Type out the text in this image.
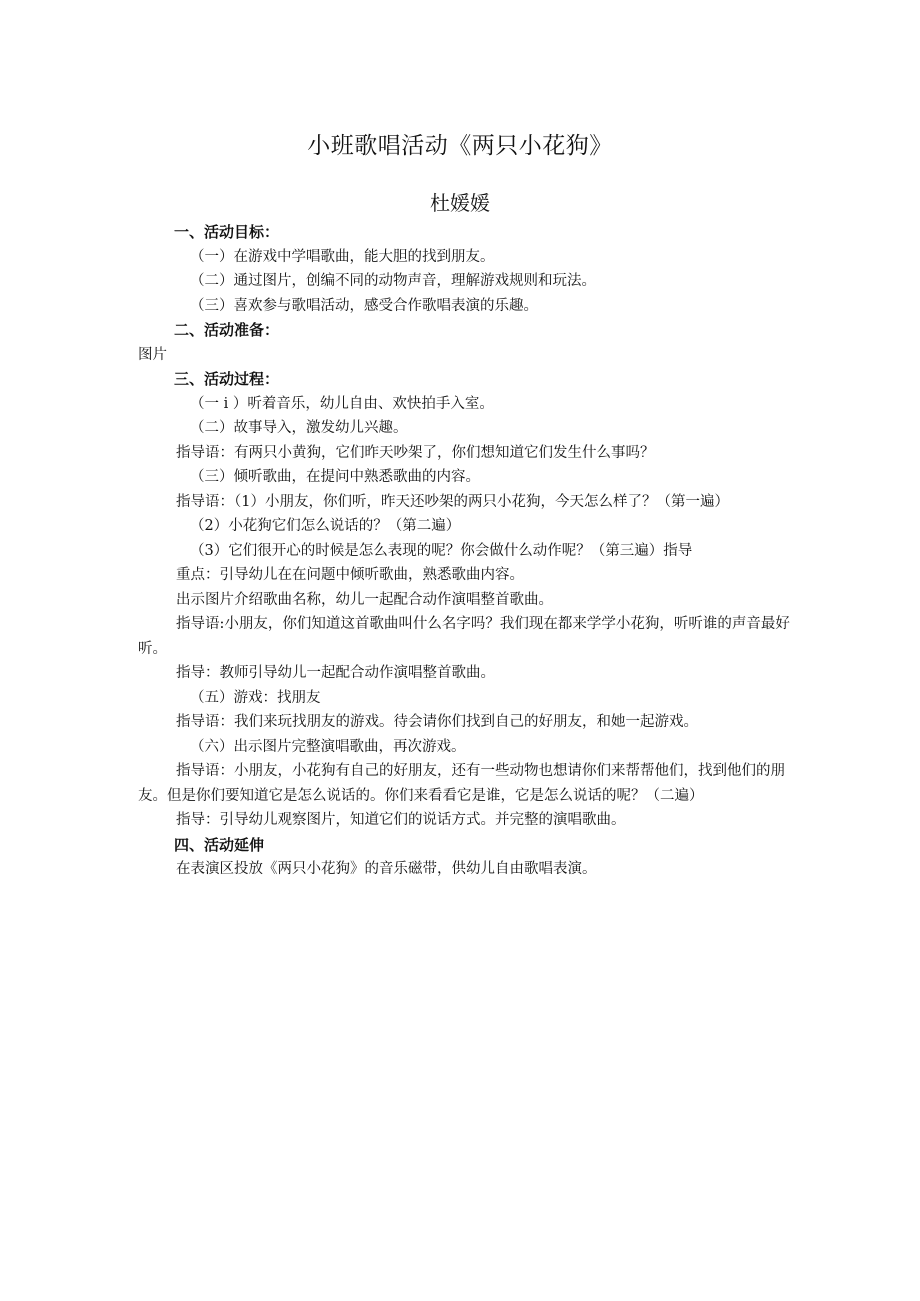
小班歌唱活动《两只小花狗》
杜媛媛
一、活动目标：
（一）在游戏中学唱歌曲，能大胆的找到朋友。
（二）通过图片，创编不同的动物声音，理解游戏规则和玩法。
（三）喜欢参与歌唱活动，感受合作歌唱表演的乐趣。
二、活动准备：
图片
三、活动过程：
（一 i ）听着音乐，幼儿自由、欢快拍手入室。
（二）故事导入，激发幼儿兴趣。
指导语：有两只小黄狗，它们昨天吵架了，你们想知道它们发生什么事吗？
（三）倾听歌曲，在提问中熟悉歌曲的内容。
指导语：（1）小朋友，你们听，昨天还吵架的两只小花狗，今天怎么样了？（第一遍）
（2）小花狗它们怎么说话的？（第二遍）
（3）它们很开心的时候是怎么表现的呢？你会做什么动作呢？（第三遍）指导
重点：引导幼儿在在问题中倾听歌曲，熟悉歌曲内容。
出示图片介绍歌曲名称，幼儿一起配合动作演唱整首歌曲。
指导语:小朋友，你们知道这首歌曲叫什么名字吗？我们现在都来学学小花狗，听听谁的声音最好听。
指导：教师引导幼儿一起配合动作演唱整首歌曲。
（五）游戏：找朋友
指导语：我们来玩找朋友的游戏。待会请你们找到自己的好朋友，和她一起游戏。
（六）出示图片完整演唱歌曲，再次游戏。
指导语：小朋友，小花狗有自己的好朋友，还有一些动物也想请你们来帮帮他们，找到他们的朋友。但是你们要知道它是怎么说话的。你们来看看它是谁，它是怎么说话的呢？（二遍）
指导：引导幼儿观察图片，知道它们的说话方式。并完整的演唱歌曲。
四、活动延伸
在表演区投放《两只小花狗》的音乐磁带，供幼儿自由歌唱表演。
